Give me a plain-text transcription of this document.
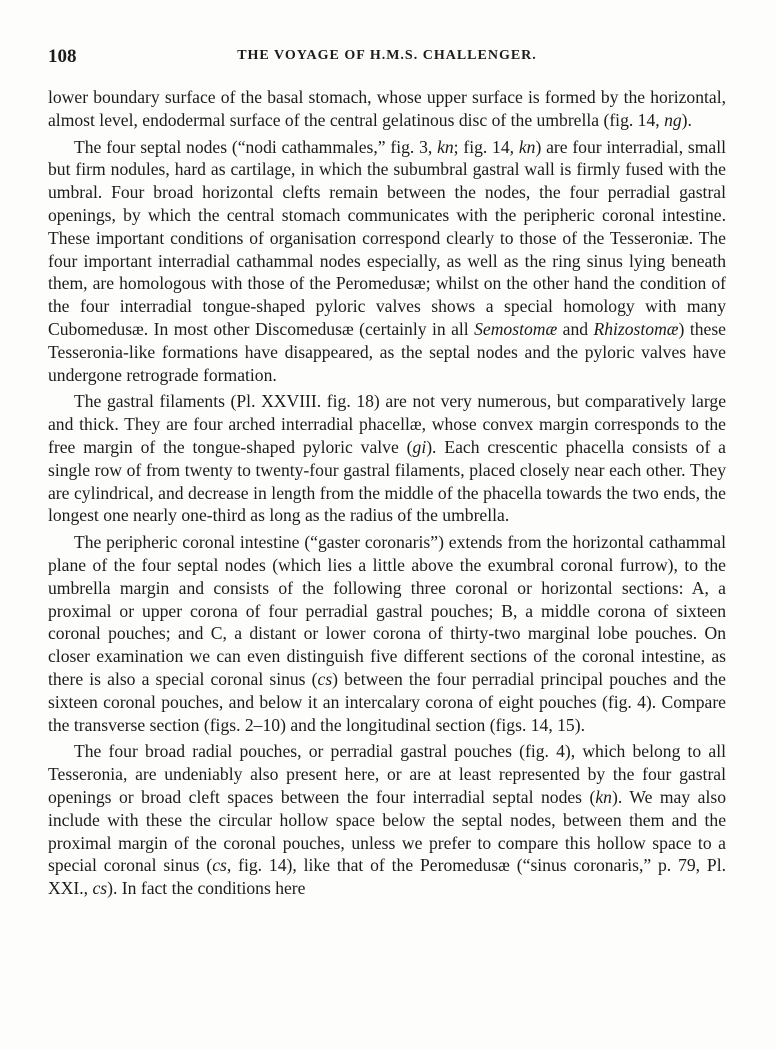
108	THE VOYAGE OF H.M.S. CHALLENGER.

lower boundary surface of the basal stomach, whose upper surface is formed by the horizontal, almost level, endodermal surface of the central gelatinous disc of the umbrella (fig. 14, ng).

The four septal nodes (“nodi cathammales,” fig. 3, kn; fig. 14, kn) are four interradial, small but firm nodules, hard as cartilage, in which the subumbral gastral wall is firmly fused with the umbral. Four broad horizontal clefts remain between the nodes, the four perradial gastral openings, by which the central stomach communicates with the peripheric coronal intestine. These important conditions of organisation correspond clearly to those of the Tesseroniæ. The four important interradial cathammal nodes especially, as well as the ring sinus lying beneath them, are homologous with those of the Peromedusæ; whilst on the other hand the condition of the four interradial tongue-shaped pyloric valves shows a special homology with many Cubomedusæ. In most other Discomedusæ (certainly in all Semostomæ and Rhizostomæ) these Tesseronia-like formations have disappeared, as the septal nodes and the pyloric valves have undergone retrograde formation.

The gastral filaments (Pl. XXVIII. fig. 18) are not very numerous, but comparatively large and thick. They are four arched interradial phacellæ, whose convex margin corresponds to the free margin of the tongue-shaped pyloric valve (gi). Each crescentic phacella consists of a single row of from twenty to twenty-four gastral filaments, placed closely near each other. They are cylindrical, and decrease in length from the middle of the phacella towards the two ends, the longest one nearly one-third as long as the radius of the umbrella.

The peripheric coronal intestine (“gaster coronaris”) extends from the horizontal cathammal plane of the four septal nodes (which lies a little above the exumbral coronal furrow), to the umbrella margin and consists of the following three coronal or horizontal sections: A, a proximal or upper corona of four perradial gastral pouches; B, a middle corona of sixteen coronal pouches; and C, a distant or lower corona of thirty-two marginal lobe pouches. On closer examination we can even distinguish five different sections of the coronal intestine, as there is also a special coronal sinus (cs) between the four perradial principal pouches and the sixteen coronal pouches, and below it an intercalary corona of eight pouches (fig. 4). Compare the transverse section (figs. 2–10) and the longitudinal section (figs. 14, 15).

The four broad radial pouches, or perradial gastral pouches (fig. 4), which belong to all Tesseronia, are undeniably also present here, or are at least represented by the four gastral openings or broad cleft spaces between the four interradial septal nodes (kn). We may also include with these the circular hollow space below the septal nodes, between them and the proximal margin of the coronal pouches, unless we prefer to compare this hollow space to a special coronal sinus (cs, fig. 14), like that of the Peromedusæ (“sinus coronaris,” p. 79, Pl. XXI., cs). In fact the conditions here
